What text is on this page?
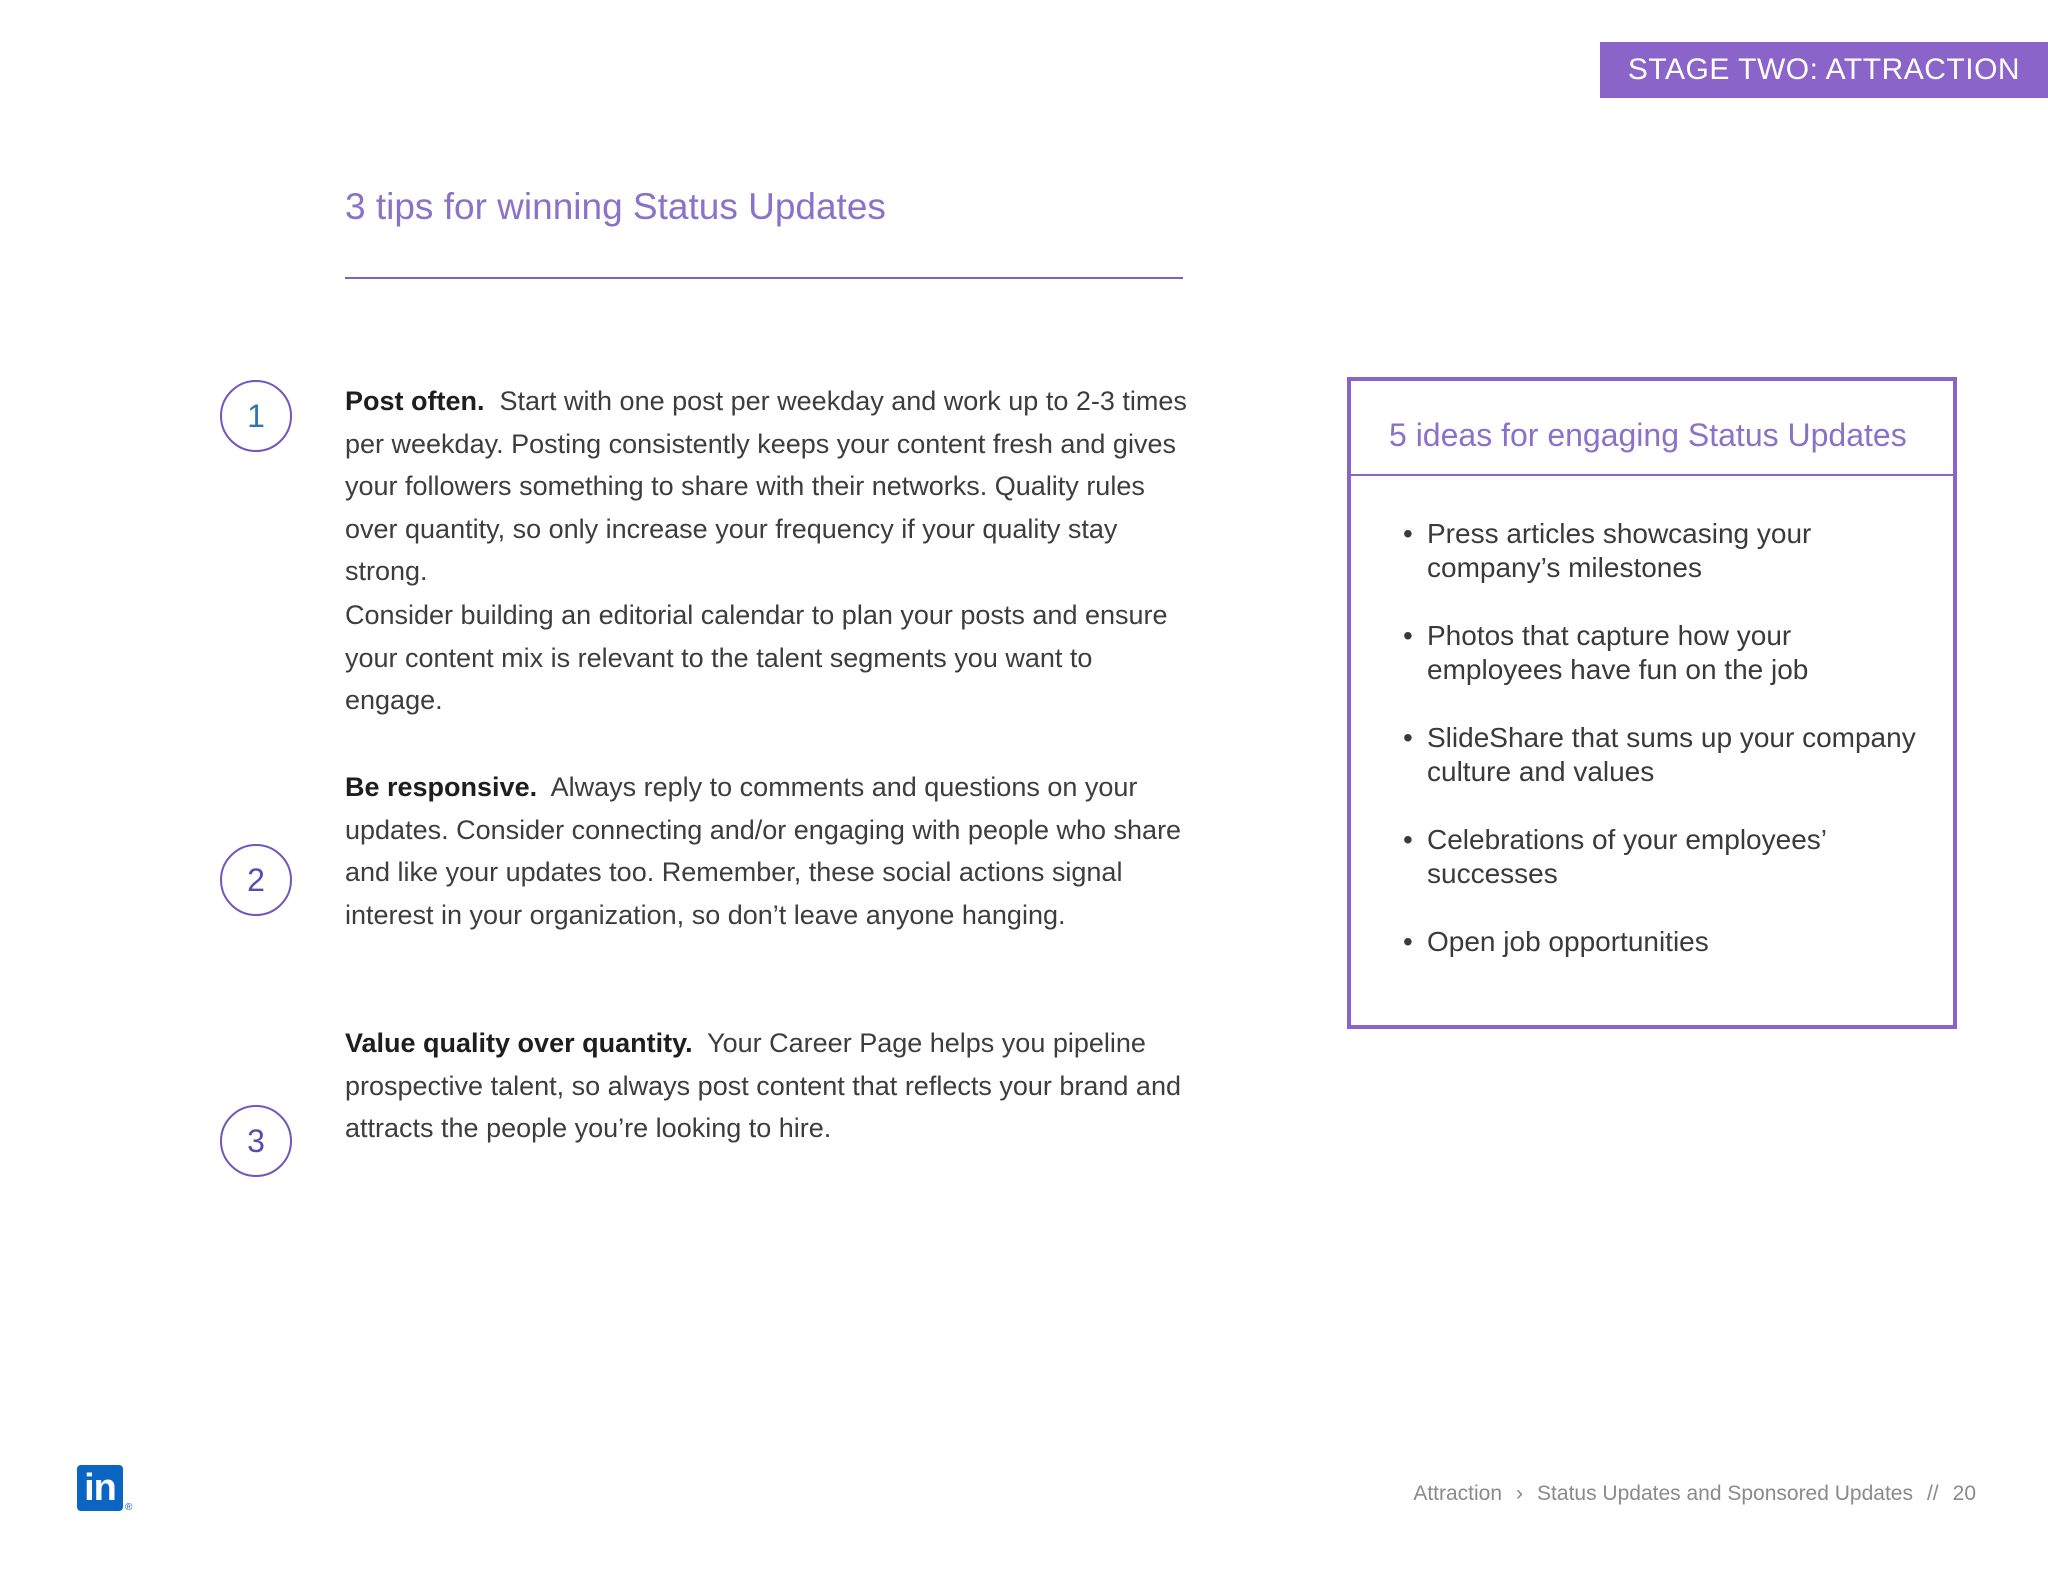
STAGE TWO: ATTRACTION
3 tips for winning Status Updates
1	Post often. Start with one post per weekday and work up to 2-3 times per weekday. Posting consistently keeps your content fresh and gives your followers something to share with their networks. Quality rules over quantity, so only increase your frequency if your quality stay strong.

Consider building an editorial calendar to plan your posts and ensure your content mix is relevant to the talent segments you want to engage.

2

Be responsive. Always reply to comments and questions on your updates. Consider connecting and/or engaging with people who share and like your updates too. Remember, these social actions signal interest in your organization, so don’t leave anyone hanging.

3

Value quality over quantity. Your Career Page helps you pipeline prospective talent, so always post content that reflects your brand and attracts the people you’re looking to hire.

5 ideas for engaging Status Updates
• Press articles showcasing your company’s milestones
• Photos that capture how your employees have fun on the job
• SlideShare that sums up your company culture and values
• Celebrations of your employees’ successes
• Open job opportunities
in ®
Attraction › Status Updates and Sponsored Updates // 20
